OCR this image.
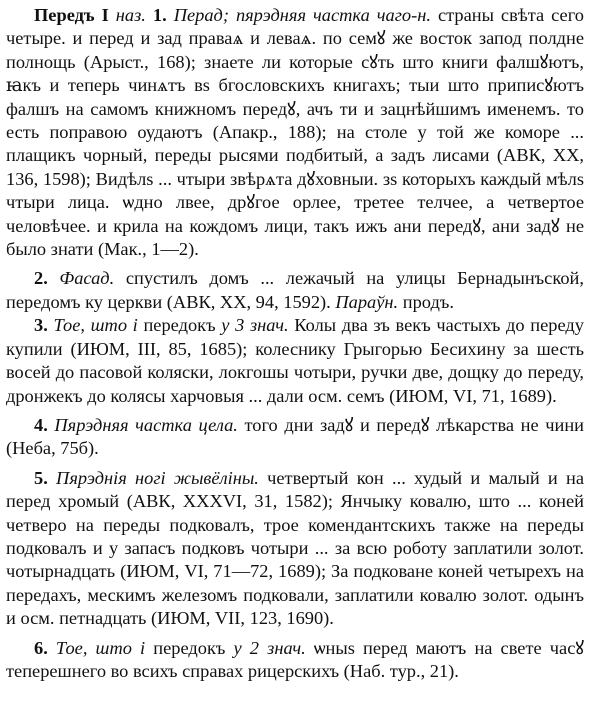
Передъ І наз. 1. Перад; пярэдняя частка чаго-н. страны свѣта сего четыре. и перед и зад праваѧ и леваѧ. по семꙋ же восток запод полдне полнощь (Арыст., 168); знаете ли которые сꙋть што книги фалшꙋютъ, ꙗкъ и теперь чинѧтъ вѕ бгословскихъ книгахъ; тыи што приписꙋютъ фалшъ на самомъ книжномъ передꙋ, ачъ ти и зацнѣйшимъ именемъ. то есть поправою оудаютъ (Апакр., 188); на столе у той же коморе ... плащикъ чорный, переды рысями подбитый, а задъ лисами (АВК, XX, 136, 1598); Видѣлѕ ... чтыри звѣрѧта дꙋховныи. зѕ которыхъ каждый мѣлѕ чтыри лица. ѡдно лвее, дрꙋгое орлее, третее телчее, а четвертое человѣчее. и крила на кождомъ лици, такъ ижъ ани передꙋ, ани задꙋ не было знати (Мак., 1—2).

2. Фасад. спустилъ домъ ... лежачый на улицы Бернадынъской, передомъ ку церкви (АВК, XX, 94, 1592). Параўн. продъ.

3. Тое, што і передокъ у 3 знач. Колы два зъ векъ частыхъ до переду купили (ИЮМ, III, 85, 1685); колеснику Грыгорью Бесихину за шесть восей до пасовой коляски, локгошы чотыри, ручки две, дощку до переду, дронжекъ до колясы харчовыя ... дали осм. семъ (ИЮМ, VI, 71, 1689).

4. Пярэдняя частка цела. того дни задꙋ и передꙋ лѣкарства не чини (Неба, 75б).

5. Пярэднія ногі жывёліны. четвертый кон ... худый и малый и на перед хромый (АВК, XXXVI, 31, 1582); Янчыку ковалю, што ... коней четверо на переды подковалъ, трое комендантскихъ также на переды подковалъ и у запасъ подковъ чотыри ... за всю роботу заплатили золот. чотырнадцать (ИЮМ, VI, 71—72, 1689); За подковане коней четырехъ на передахъ, мескимъ железомъ подковали, заплатили ковалю золот. одынъ и осм. петнадцать (ИЮМ, VII, 123, 1690).

6. Тое, што і передокъ у 2 знач. ѡныѕ перед маютъ на свете часꙋ теперешнего во всихъ справах рицерскихъ (Наб. тур., 21).
